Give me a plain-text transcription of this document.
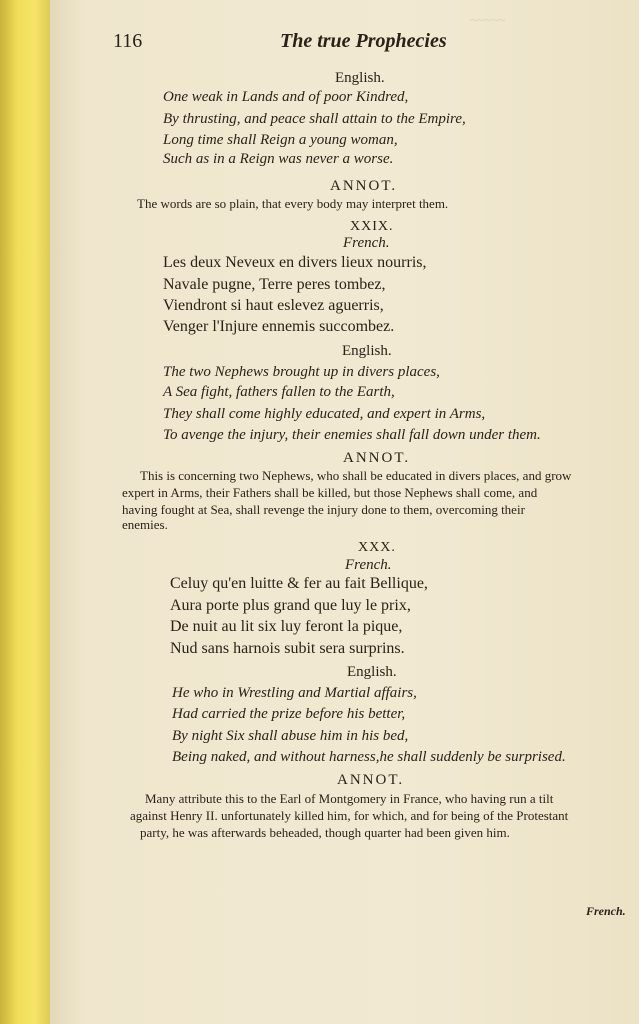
~~~~~
116	The true Prophecies
English.
One weak in Lands and of poor Kindred,
By thrusting, and peace shall attain to the Empire,
Long time shall Reign a young woman,
Such as in a Reign was never a worse.
ANNOT.
The words are so plain, that every body may interpret them.
XXIX.
French.
Les deux Neveux en divers lieux nourris,
Navale pugne, Terre peres tombez,
Viendront si haut eslevez aguerris,
Venger l'Injure ennemis succombez.
English.
The two Nephews brought up in divers places,
A Sea fight, fathers fallen to the Earth,
They shall come highly educated, and expert in Arms,
To avenge the injury, their enemies shall fall down under them.
ANNOT.
This is concerning two Nephews, who shall be educated in divers places, and grow
expert in Arms, their Fathers shall be killed, but those Nephews shall come, and
having fought at Sea, shall revenge the injury done to them, overcoming their
enemies.
XXX.
French.
Celuy qu'en luitte & fer au fait Bellique,
Aura porte plus grand que luy le prix,
De nuit au lit six luy feront la pique,
Nud sans harnois subit sera surprins.
English.
He who in Wrestling and Martial affairs,
Had carried the prize before his better,
By night Six shall abuse him in his bed,
Being naked, and without harness,he shall suddenly be surprised.
ANNOT.
Many attribute this to the Earl of Montgomery in France, who having run a tilt
against Henry II. unfortunately killed him, for which, and for being of the Protestant
party, he was afterwards beheaded, though quarter had been given him.
French.
